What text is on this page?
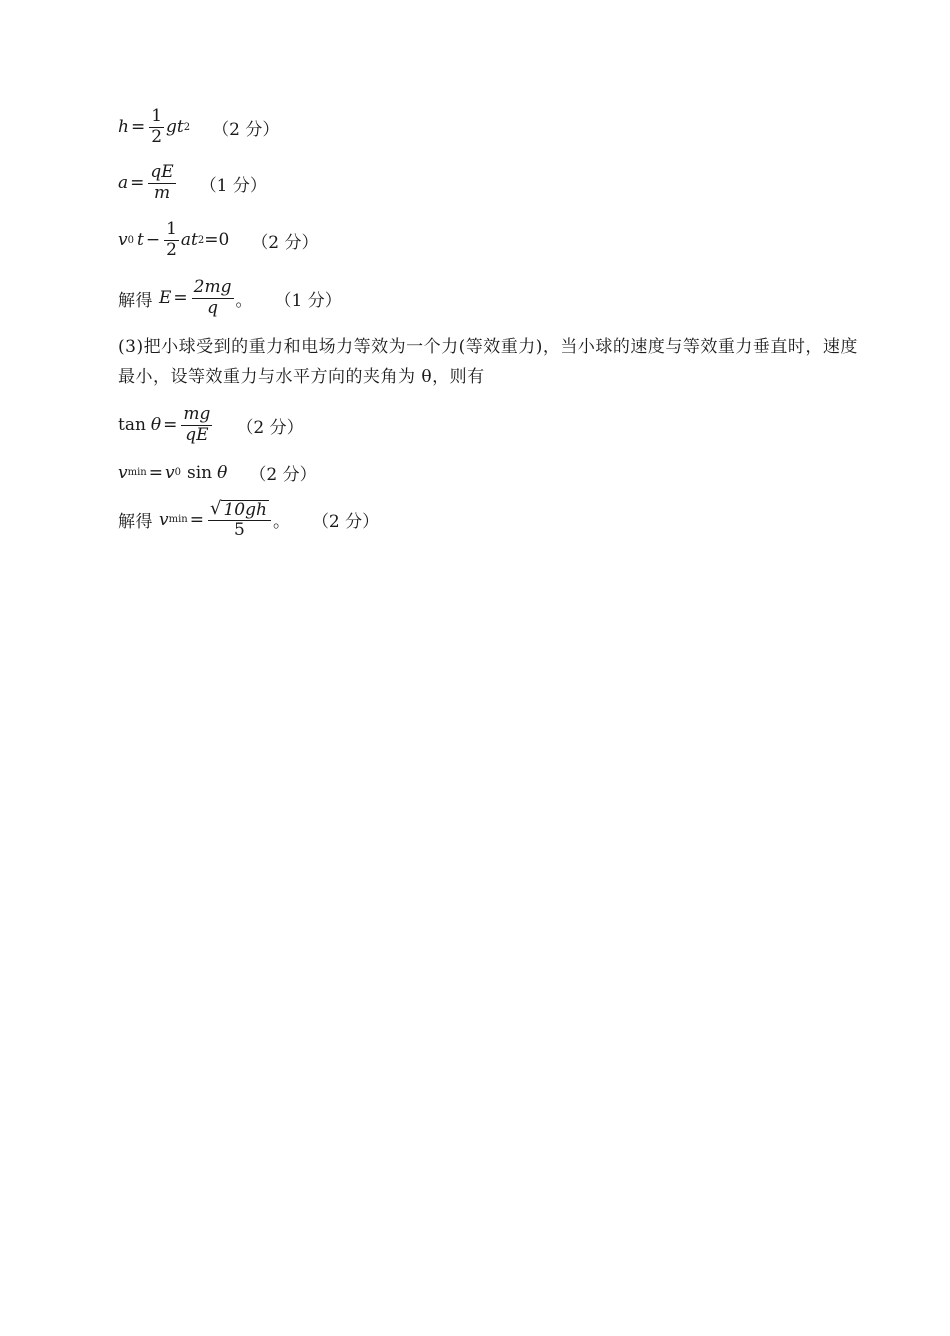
$h = \frac{1}{2}$ gt 2 （2 分）
$a = \frac{qE}{m} (1$ 分）
v 0 $t - \frac{1}{2}$ at 2 =0 （2 分）
解得 $E = \frac{2mg}{q}$ 。 （1 分）
(3)把小球受到的重力和电场力等效为一个力(等效重力)，当小球的速度与等效重力垂直时，速度最小，设等效重力与水平方向的夹角为 θ，则有
$\tan \theta = \frac{mg}{qE} (2$ 分）
v min = v 0 sin θ （2 分）
解得 v $\min = \frac{√ 10gh}{5}$ 。 （2 分）
